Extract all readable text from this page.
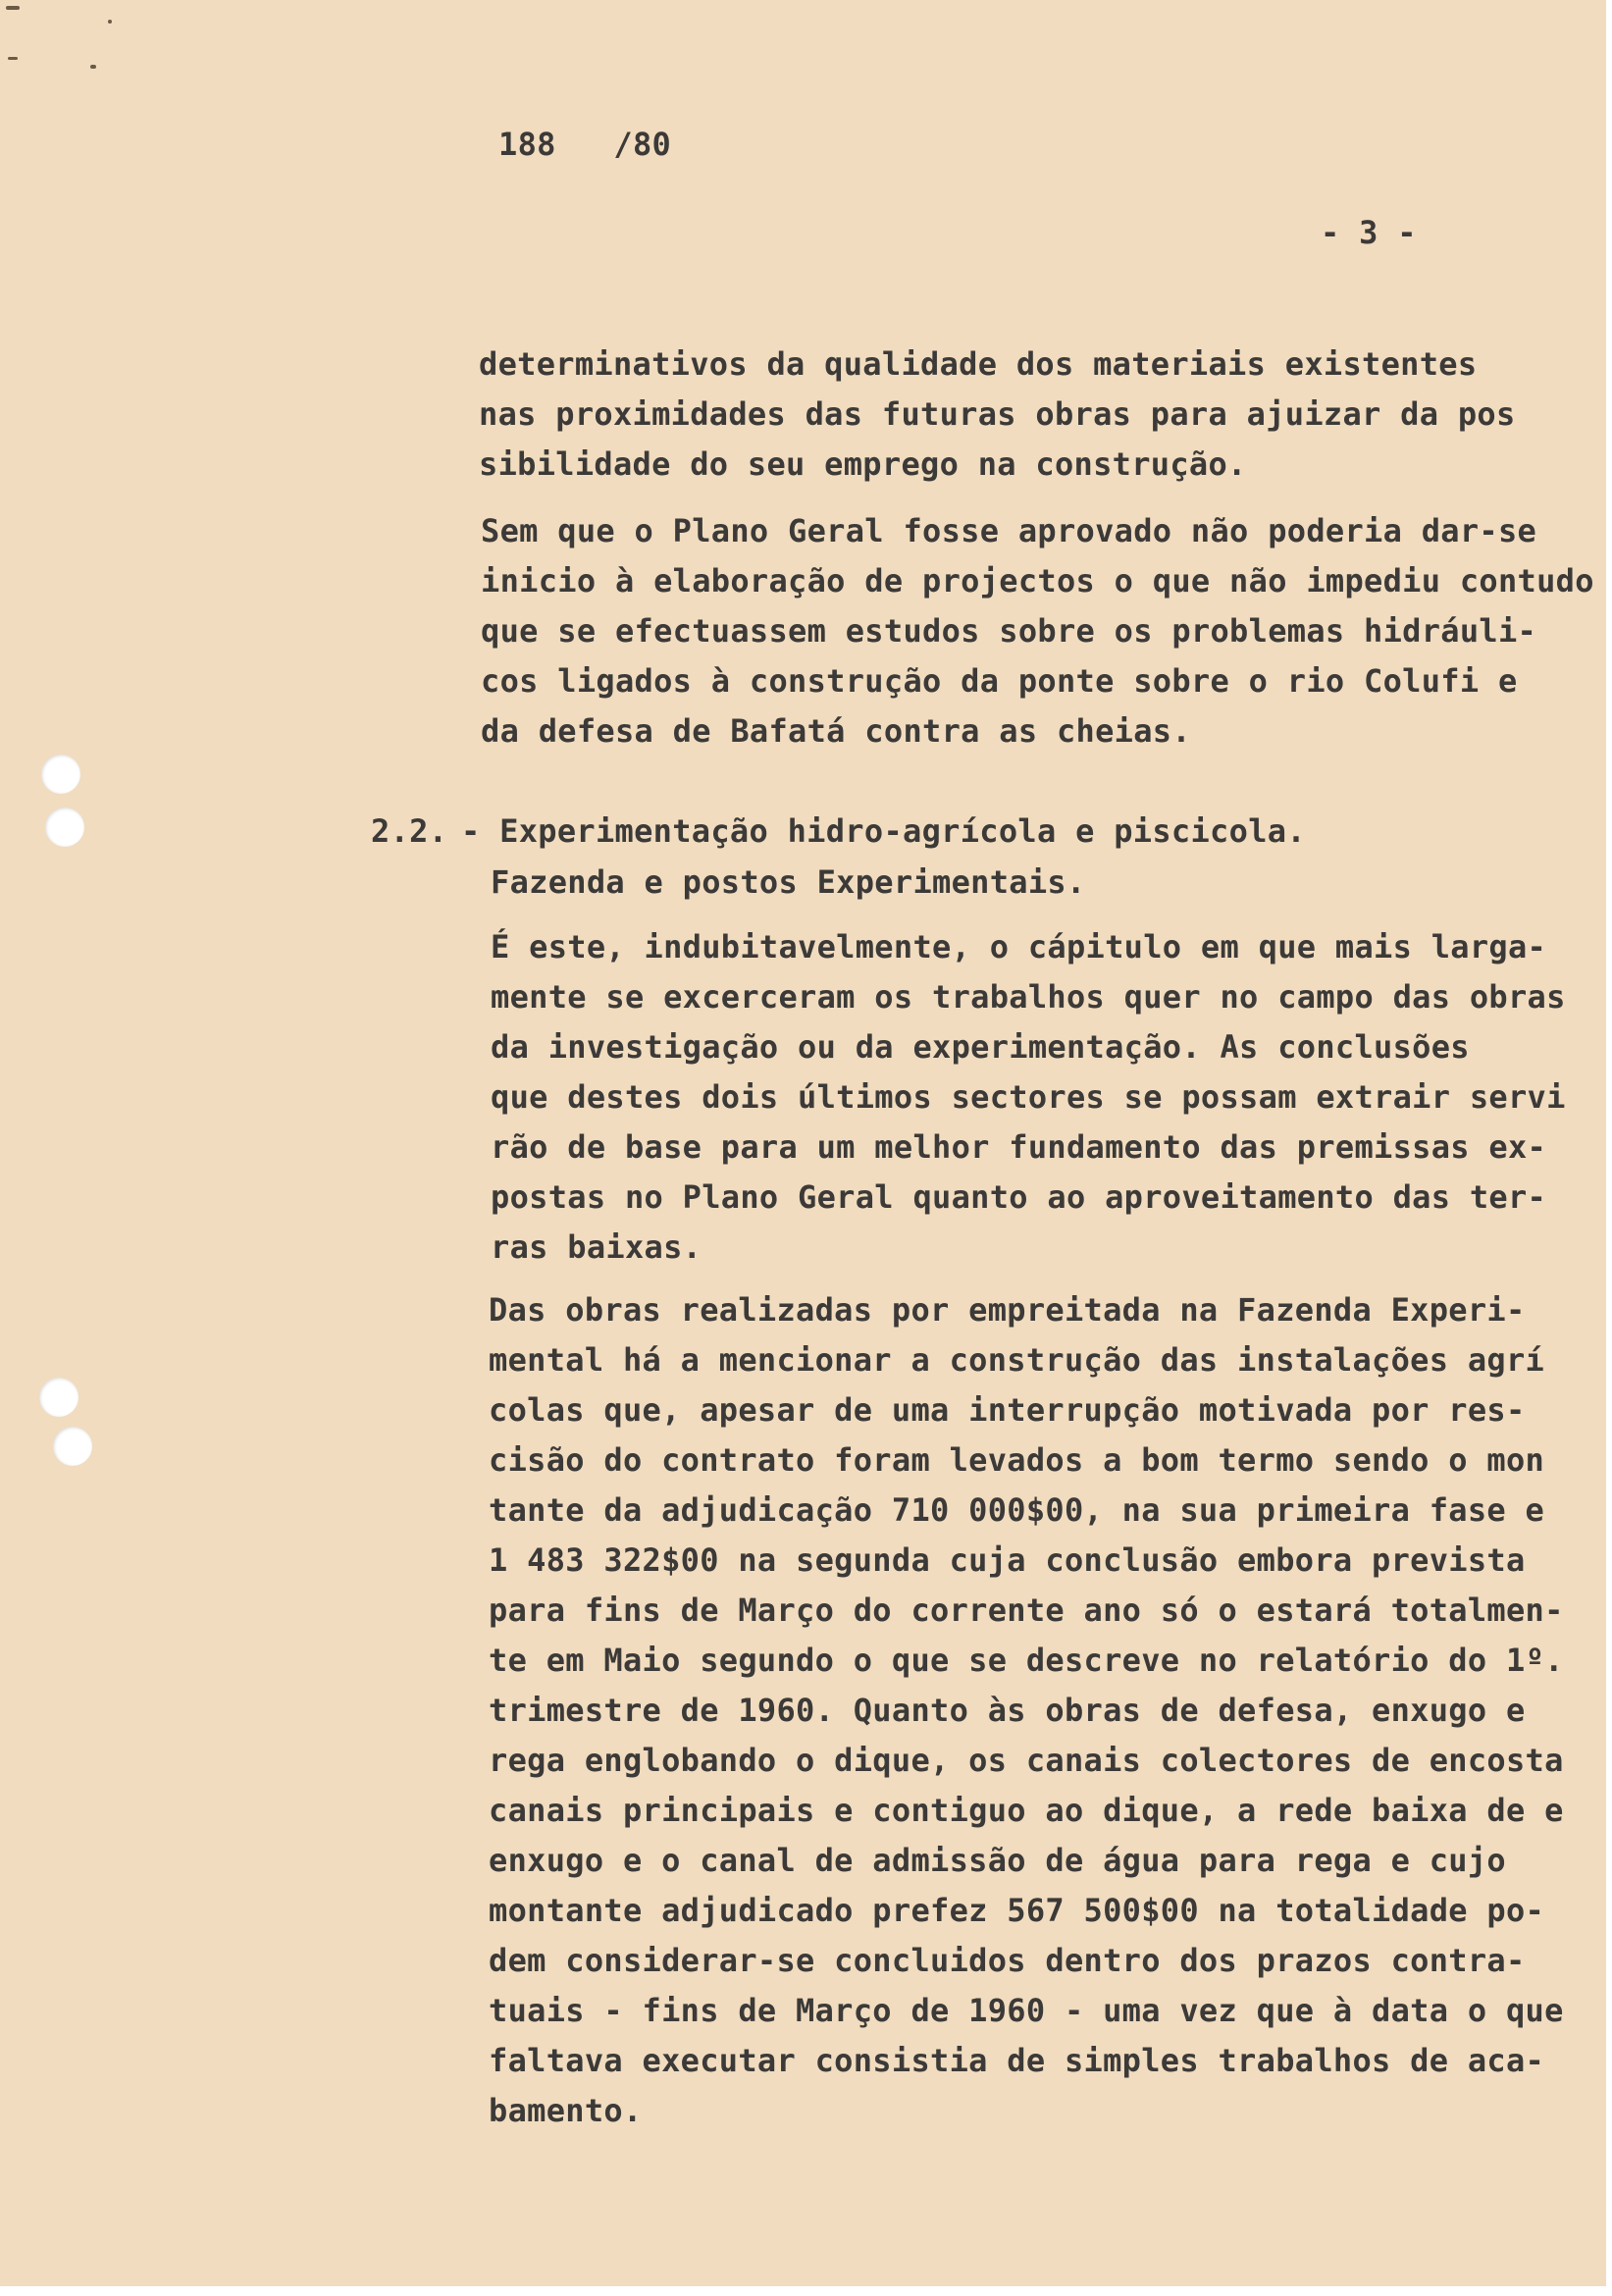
188   /80
- 3 -
determinativos da qualidade dos materiais existentes
nas proximidades das futuras obras para ajuizar da pos
sibilidade do seu emprego na construção.
Sem que o Plano Geral fosse aprovado não poderia dar-se
inicio à elaboração de projectos o que não impediu contudo
que se efectuassem estudos sobre os problemas hidráuli-
cos ligados à construção da ponte sobre o rio Colufi e
da defesa de Bafatá contra as cheias.
2.2. - Experimentação hidro-agrícola e piscicola.
Fazenda e postos Experimentais.
É este, indubitavelmente, o cápitulo em que mais larga-
mente se excerceram os trabalhos quer no campo das obras
da investigação ou da experimentação. As conclusões
que destes dois últimos sectores se possam extrair servi
rão de base para um melhor fundamento das premissas ex-
postas no Plano Geral quanto ao aproveitamento das ter-
ras baixas.
Das obras realizadas por empreitada na Fazenda Experi-
mental há a mencionar a construção das instalações agrí
colas que, apesar de uma interrupção motivada por res-
cisão do contrato foram levados a bom termo sendo o mon
tante da adjudicação 710 000$00, na sua primeira fase e
1 483 322$00 na segunda cuja conclusão embora prevista
para fins de Março do corrente ano só o estará totalmen-
te em Maio segundo o que se descreve no relatório do 1º.
trimestre de 1960. Quanto às obras de defesa, enxugo e
rega englobando o dique, os canais colectores de encosta
canais principais e contiguo ao dique, a rede baixa de e
enxugo e o canal de admissão de água para rega e cujo
montante adjudicado prefez 567 500$00 na totalidade po-
dem considerar-se concluidos dentro dos prazos contra-
tuais - fins de Março de 1960 - uma vez que à data o que
faltava executar consistia de simples trabalhos de aca-
bamento.
